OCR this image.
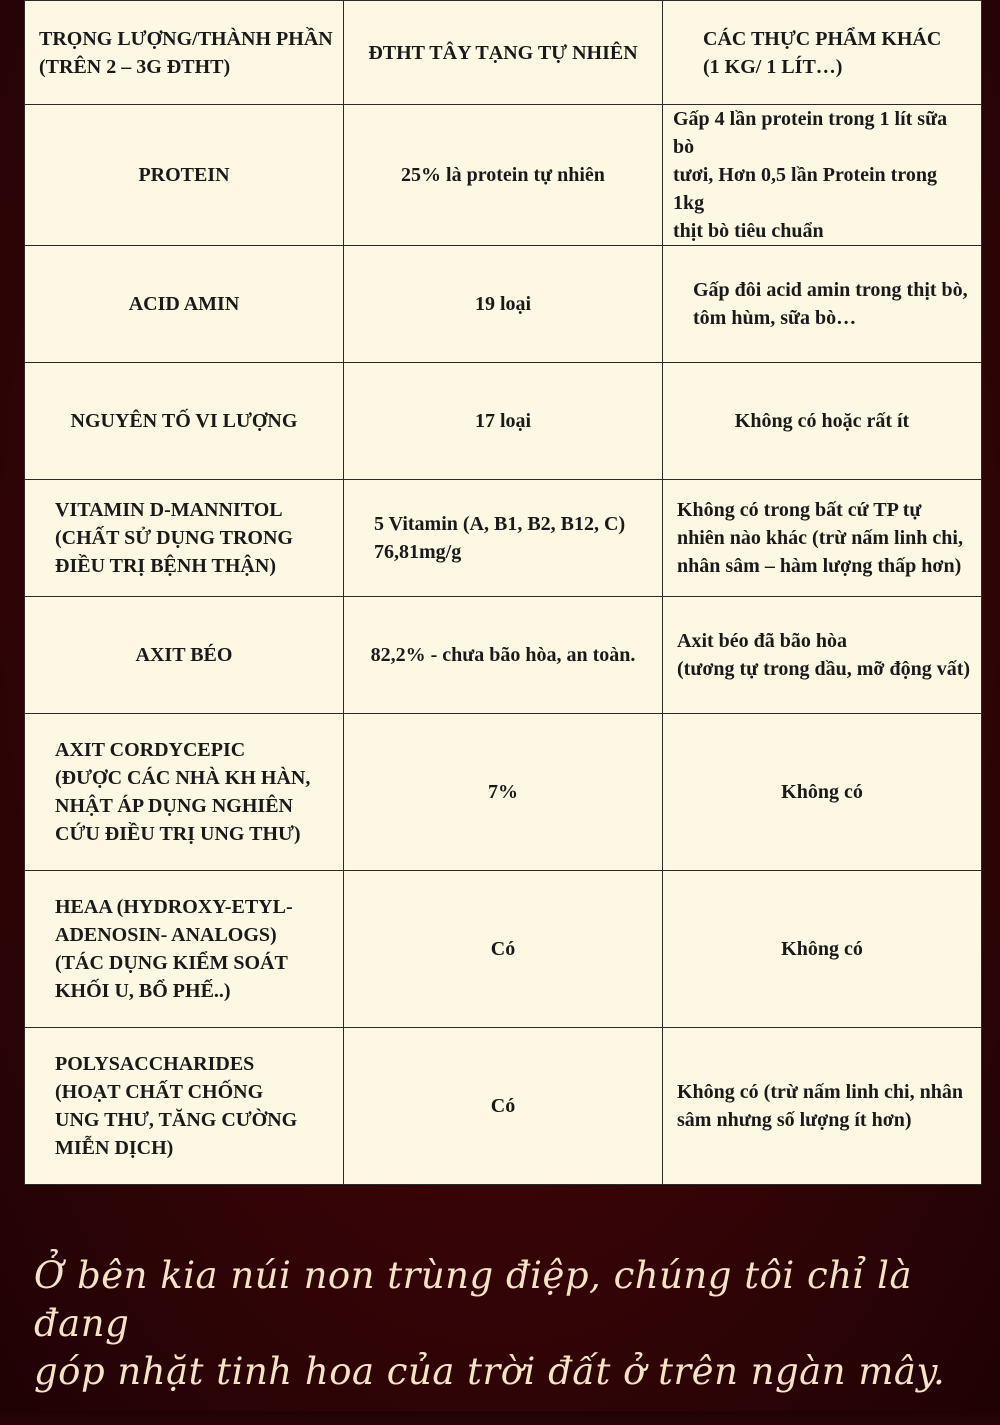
TRỌNG LƯỢNG/THÀNH PHẦN
(TRÊN 2 – 3G ĐTHT)	ĐTHT TÂY TẠNG TỰ NHIÊN	CÁC THỰC PHẨM KHÁC
(1 KG/ 1 LÍT…)

PROTEIN	25% là protein tự nhiên	Gấp 4 lần protein trong 1 lít sữa bò
tươi, Hơn 0,5 lần Protein trong 1kg
thịt bò tiêu chuẩn

ACID AMIN	19 loại	Gấp đôi acid amin trong thịt bò,
tôm hùm, sữa bò…

NGUYÊN TỐ VI LƯỢNG	17 loại	Không có hoặc rất ít

VITAMIN D-MANNITOL
(CHẤT SỬ DỤNG TRONG
ĐIỀU TRỊ BỆNH THẬN)	5 Vitamin (A, B1, B2, B12, C)
76,81mg/g	Không có trong bất cứ TP tự
nhiên nào khác (trừ nấm linh chi,
nhân sâm – hàm lượng thấp hơn)

AXIT BÉO	82,2% - chưa bão hòa, an toàn.	Axit béo đã bão hòa
(tương tự trong dầu, mỡ động vất)

AXIT CORDYCEPIC
(ĐƯỢC CÁC NHÀ KH HÀN,
NHẬT ÁP DỤNG NGHIÊN
CỨU ĐIỀU TRỊ UNG THƯ)	7%	Không có

HEAA (HYDROXY-ETYL-
ADENOSIN- ANALOGS)
(TÁC DỤNG KIỂM SOÁT
KHỐI U, BỔ PHẾ..)	Có	Không có

POLYSACCHARIDES
(HOẠT CHẤT CHỐNG
UNG THƯ, TĂNG CƯỜNG
MIỄN DỊCH)	Có	Không có (trừ nấm linh chi, nhân
sâm nhưng số lượng ít hơn)
Ở bên kia núi non trùng điệp, chúng tôi chỉ là đang
góp nhặt tinh hoa của trời đất ở trên ngàn mây.
